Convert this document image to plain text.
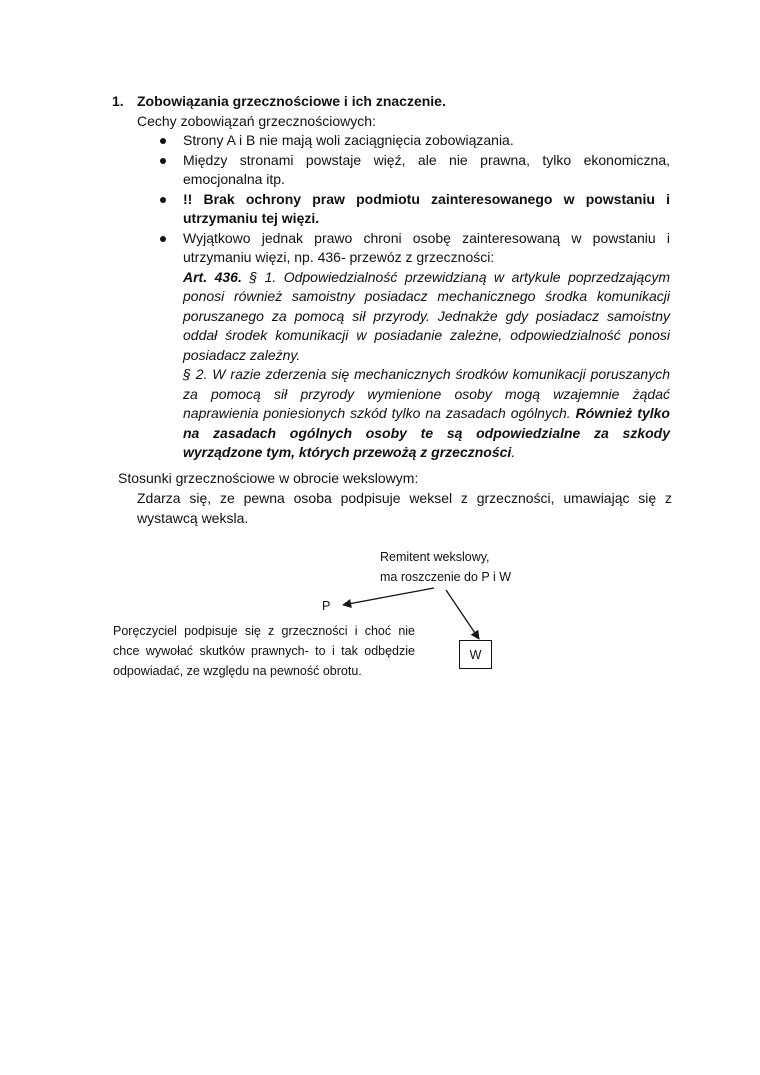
1. Zobowiązania grzecznościowe i ich znaczenie.
Cechy zobowiązań grzecznościowych:
Strony A i B nie mają woli zaciągnięcia zobowiązania.
Między stronami powstaje więź, ale nie prawna, tylko ekonomiczna, emocjonalna itp.
!! Brak ochrony praw podmiotu zainteresowanego w powstaniu i utrzymaniu tej więzi.
Wyjątkowo jednak prawo chroni osobę zainteresowaną w powstaniu i utrzymaniu więzi, np. 436- przewóz z grzeczności:

Art. 436. § 1. Odpowiedzialność przewidzianą w artykule poprzedzającym ponosi również samoistny posiadacz mechanicznego środka komunikacji poruszanego za pomocą sił przyrody. Jednakże gdy posiadacz samoistny oddał środek komunikacji w posiadanie zależne, odpowiedzialność ponosi posiadacz zależny.

§ 2. W razie zderzenia się mechanicznych środków komunikacji poruszanych za pomocą sił przyrody wymienione osoby mogą wzajemnie żądać naprawienia poniesionych szkód tylko na zasadach ogólnych. Również tylko na zasadach ogólnych osoby te są odpowiedzialne za szkody wyrządzone tym, których przewożą z grzeczności.

Stosunki grzecznościowe w obrocie wekslowym:
Zdarza się, ze pewna osoba podpisuje weksel z grzeczności, umawiając się z wystawcą weksla.
Remitent wekslowy,
ma roszczenie do P i W
P
Poręczyciel podpisuje się z grzeczności i choć nie chce wywołać skutków prawnych- to i tak odbędzie odpowiadać, ze względu na pewność obrotu.
W
